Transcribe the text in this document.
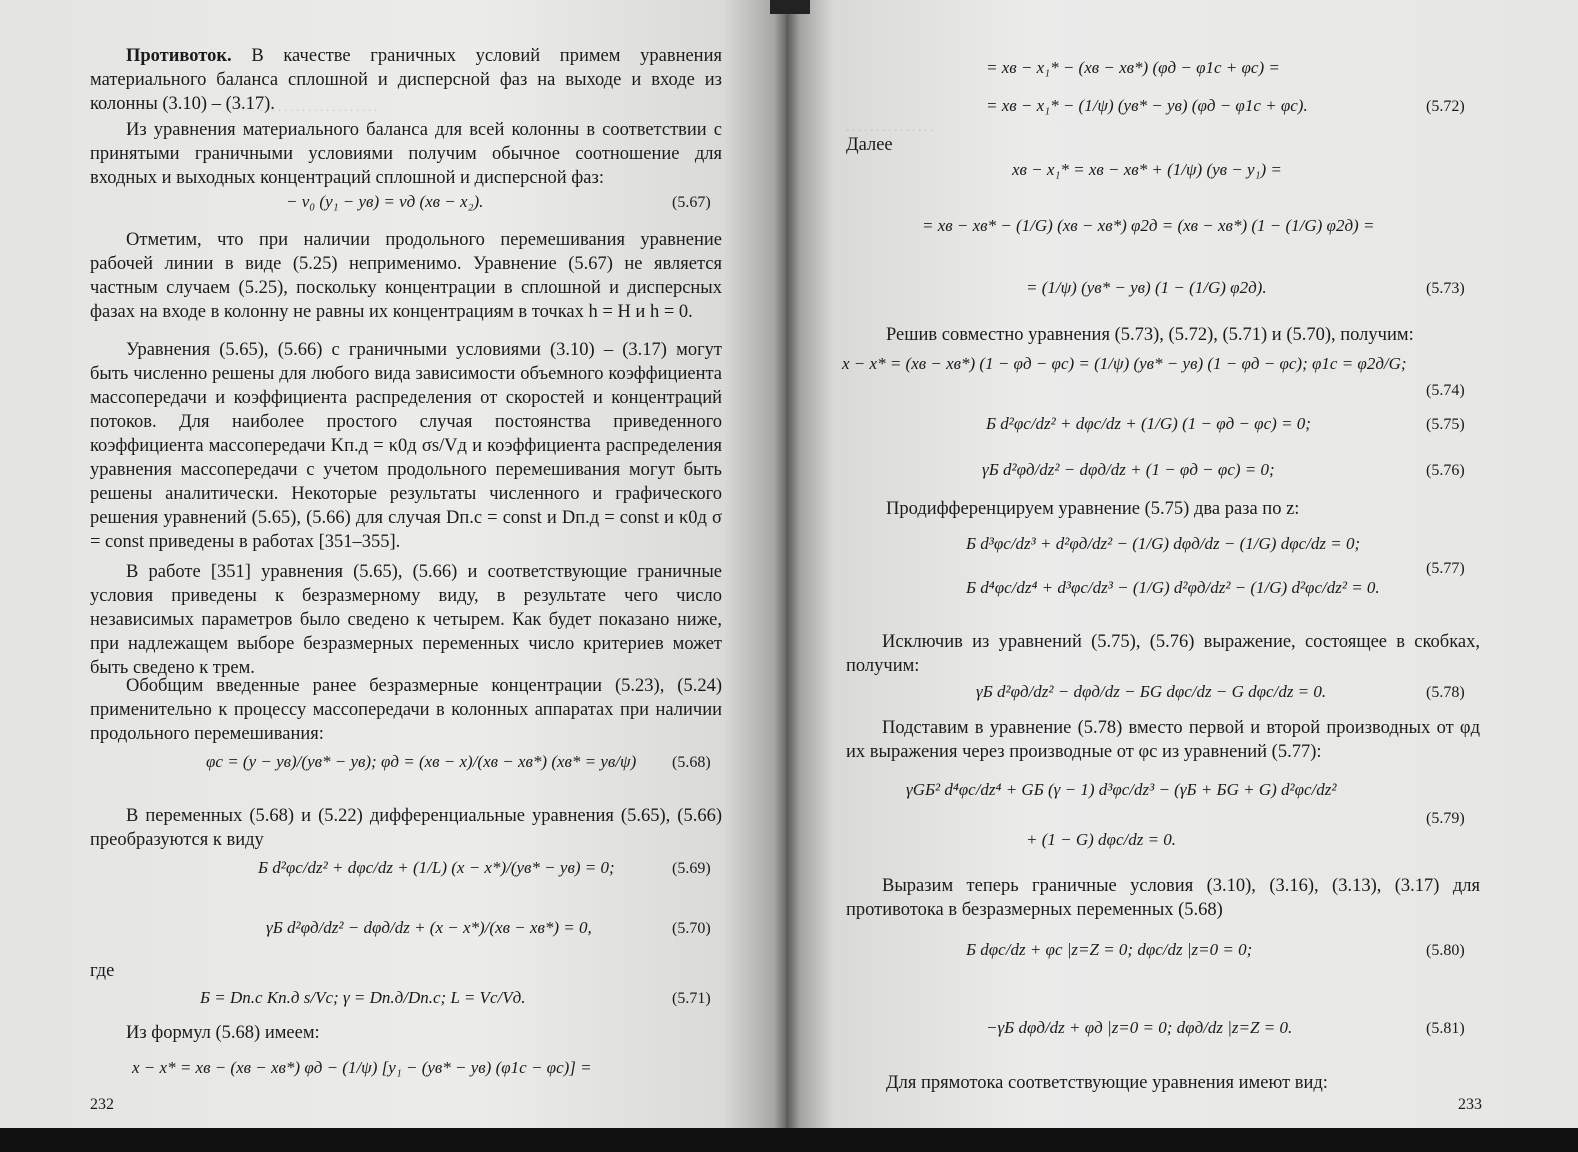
. . . . . . . . . . . . . . . . . . . .
Противоток. В качестве граничных условий примем уравнения материального баланса сплошной и дисперсной фаз на выходе и входе из колонны (3.10) – (3.17).
Из уравнения материального баланса для всей колонны в соответствии с принятыми граничными условиями получим обычное соотношение для входных и выходных концентраций сплошной и дисперсной фаз:
− v₀ (y₁ − yв) = vд (xв − x₂).	(5.67)
Отметим, что при наличии продольного перемешивания уравнение рабочей линии в виде (5.25) неприменимо. Уравнение (5.67) не является частным случаем (5.25), поскольку концентрации в сплошной и дисперсных фазах на входе в колонну не равны их концентрациям в точках h = H и h = 0.
Уравнения (5.65), (5.66) с граничными условиями (3.10) – (3.17) могут быть численно решены для любого вида зависимости объемного коэффициента массопередачи и коэффициента распределения от скоростей и концентраций потоков. Для наиболее простого случая постоянства приведенного коэффициента массопередачи Kп.д = κ0д σs/Vд и коэффициента распределения уравнения массопередачи с учетом продольного перемешивания могут быть решены аналитически. Некоторые результаты численного и графического решения уравнений (5.65), (5.66) для случая Dп.с = const и Dп.д = const и κ0д σ = const приведены в работах [351–355].
В работе [351] уравнения (5.65), (5.66) и соответствующие граничные условия приведены к безразмерному виду, в результате чего число независимых параметров было сведено к четырем. Как будет показано ниже, при надлежащем выборе безразмерных переменных число критериев может быть сведено к трем.
Обобщим введенные ранее безразмерные концентрации (5.23), (5.24) применительно к процессу массопередачи в колонных аппаратах при наличии продольного перемешивания:
φc = (y − yв)/(yв* − yв); φд = (xв − x)/(xв − xв*) (xв* = yв/ψ) (5.68)
В переменных (5.68) и (5.22) дифференциальные уравнения (5.65), (5.66) преобразуются к виду
Б d²φc/dz² + dφc/dz + (1/L) (x − x*)/(yв* − yв) = 0;	(5.69)
γБ d²φд/dz² − dφд/dz + (x − x*)/(xв − xв*) = 0,	(5.70)
где
Б = Dп.с Kп.д s/Vc; γ = Dп.д/Dп.с; L = Vc/Vд.	(5.71)
Из формул (5.68) имеем:
x − x* = xв − (xв − xв*) φд − (1/ψ) [y₁ − (yв* − yв) (φ1c − φc)] =
232
. . . . . . . . . . . . . . .
= xв − x₁* − (xв − xв*) (φд − φ1c + φc) =
= xв − x₁* − (1/ψ) (yв* − yв) (φд − φ1c + φc).	(5.72)
Далее
xв − x₁* = xв − xв* + (1/ψ) (yв − y₁) =
= xв − xв* − (1/G) (xв − xв*) φ2д = (xв − xв*) (1 − (1/G) φ2д) =
= (1/ψ) (yв* − yв) (1 − (1/G) φ2д).	(5.73)
Решив совместно уравнения (5.73), (5.72), (5.71) и (5.70), получим:
x − x* = (xв − xв*) (1 − φд − φc) = (1/ψ) (yв* − yв) (1 − φд − φc); φ1c = φ2д/G;
(5.74)
Б d²φc/dz² + dφc/dz + (1/G) (1 − φд − φc) = 0;	(5.75)
γБ d²φд/dz² − dφд/dz + (1 − φд − φc) = 0;	(5.76)
Продифференцируем уравнение (5.75) два раза по z:
Б d³φc/dz³ + d²φд/dz² − (1/G) dφд/dz − (1/G) dφc/dz = 0;
Б d⁴φc/dz⁴ + d³φc/dz³ − (1/G) d²φд/dz² − (1/G) d²φc/dz² = 0.
(5.77)
Исключив из уравнений (5.75), (5.76) выражение, состоящее в скобках, получим:
γБ d²φд/dz² − dφд/dz − БG dφc/dz − G dφc/dz = 0.	(5.78)
Подставим в уравнение (5.78) вместо первой и второй производных от φд их выражения через производные от φc из уравнений (5.77):
γGБ² d⁴φc/dz⁴ + GБ (γ − 1) d³φc/dz³ − (γБ + БG + G) d²φc/dz²
+ (1 − G) dφc/dz = 0.
(5.79)
Выразим теперь граничные условия (3.10), (3.16), (3.13), (3.17) для противотока в безразмерных переменных (5.68)
Б dφc/dz + φc |z=Z = 0; dφc/dz |z=0 = 0;	(5.80)
−γБ dφд/dz + φд |z=0 = 0; dφд/dz |z=Z = 0.	(5.81)
Для прямотока соответствующие уравнения имеют вид:
233
